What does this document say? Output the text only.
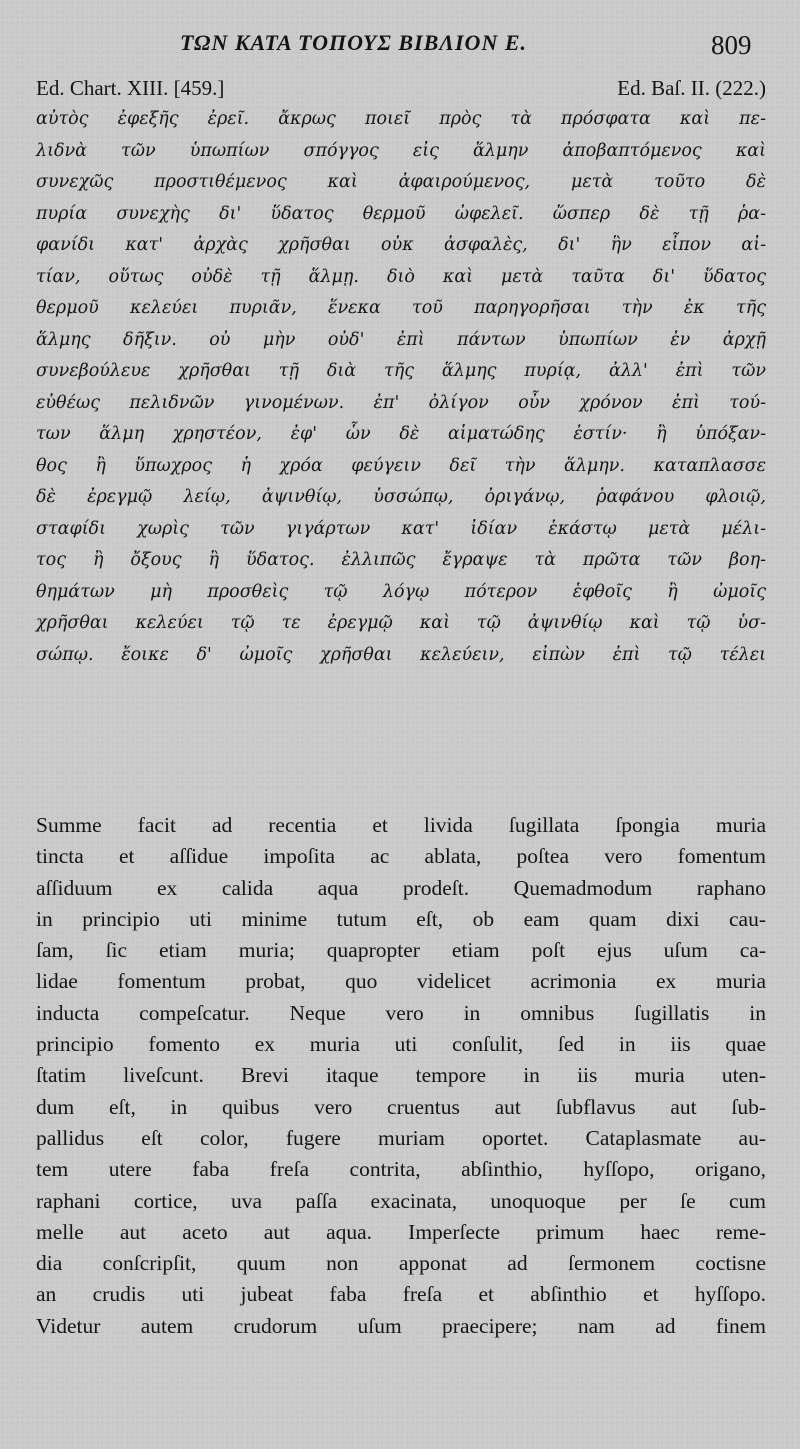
ΤΩΝ ΚΑΤΑ ΤΟΠΟΥΣ ΒΙΒΛΙΟΝ Ε.	809
Ed. Chart. XIII. [459.]	Ed. Baſ. II. (222.)
αὐτὸς ἐφεξῆς ἐρεῖ. ἄκρως ποιεῖ πρὸς τὰ πρόσφατα καὶ πε-
λιδνὰ τῶν ὑπωπίων σπόγγος εἰς ἅλμην ἀποβαπτόμενος καὶ
συνεχῶς προστιθέμενος καὶ ἀφαιρούμενος, μετὰ τοῦτο δὲ
πυρία συνεχὴς δι' ὕδατος θερμοῦ ὠφελεῖ. ὥσπερ δὲ τῇ ῥα-
φανίδι κατ' ἀρχὰς χρῆσθαι οὐκ ἀσφαλὲς, δι' ἣν εἶπον αἰ-
τίαν, οὕτως οὐδὲ τῇ ἅλμῃ. διὸ καὶ μετὰ ταῦτα δι' ὕδατος
θερμοῦ κελεύει πυριᾶν, ἕνεκα τοῦ παρηγορῆσαι τὴν ἐκ τῆς
ἅλμης δῆξιν. οὐ μὴν οὐδ' ἐπὶ πάντων ὑπωπίων ἐν ἀρχῇ
συνεβούλευε χρῆσθαι τῇ διὰ τῆς ἅλμης πυρίᾳ, ἀλλ' ἐπὶ τῶν
εὐθέως πελιδνῶν γινομένων. ἐπ' ὀλίγον οὖν χρόνον ἐπὶ τού-
των ἅλμη χρηστέον, ἐφ' ὧν δὲ αἱματώδης ἐστίν· ἢ ὑπόξαν-
θος ἢ ὕπωχρος ἡ χρόα φεύγειν δεῖ τὴν ἅλμην. καταπλασσε
δὲ ἐρεγμῷ λείῳ, ἀψινθίῳ, ὑσσώπῳ, ὀριγάνῳ, ῥαφάνου φλοιῷ,
σταφίδι χωρὶς τῶν γιγάρτων κατ' ἰδίαν ἑκάστῳ μετὰ μέλι-
τος ἢ ὄξους ἢ ὕδατος. ἐλλιπῶς ἔγραψε τὰ πρῶτα τῶν βοη-
θημάτων μὴ προσθεὶς τῷ λόγῳ πότερον ἑφθοῖς ἢ ὠμοῖς
χρῆσθαι κελεύει τῷ τε ἐρεγμῷ καὶ τῷ ἀψινθίῳ καὶ τῷ ὑσ-
σώπῳ. ἔοικε δ' ὠμοῖς χρῆσθαι κελεύειν, εἰπὼν ἐπὶ τῷ τέλει
Summe facit ad recentia et livida ſugillata ſpongia muria
tincta et aſſidue impoſita ac ablata, poſtea vero fomentum
aſſiduum ex calida aqua prodeſt. Quemadmodum raphano
in principio uti minime tutum eſt, ob eam quam dixi cau-
ſam, ſic etiam muria; quapropter etiam poſt ejus uſum ca-
lidae fomentum probat, quo videlicet acrimonia ex muria
inducta compeſcatur. Neque vero in omnibus ſugillatis in
principio fomento ex muria uti conſulit, ſed in iis quae
ſtatim liveſcunt. Brevi itaque tempore in iis muria uten-
dum eſt, in quibus vero cruentus aut ſubflavus aut ſub-
pallidus eſt color, fugere muriam oportet. Cataplasmate au-
tem utere faba freſa contrita, abſinthio, hyſſopo, origano,
raphani cortice, uva paſſa exacinata, unoquoque per ſe cum
melle aut aceto aut aqua. Imperſecte primum haec reme-
dia conſcripſit, quum non apponat ad ſermonem coctisne
an crudis uti jubeat faba freſa et abſinthio et hyſſopo.
Videtur autem crudorum uſum praecipere; nam ad finem
